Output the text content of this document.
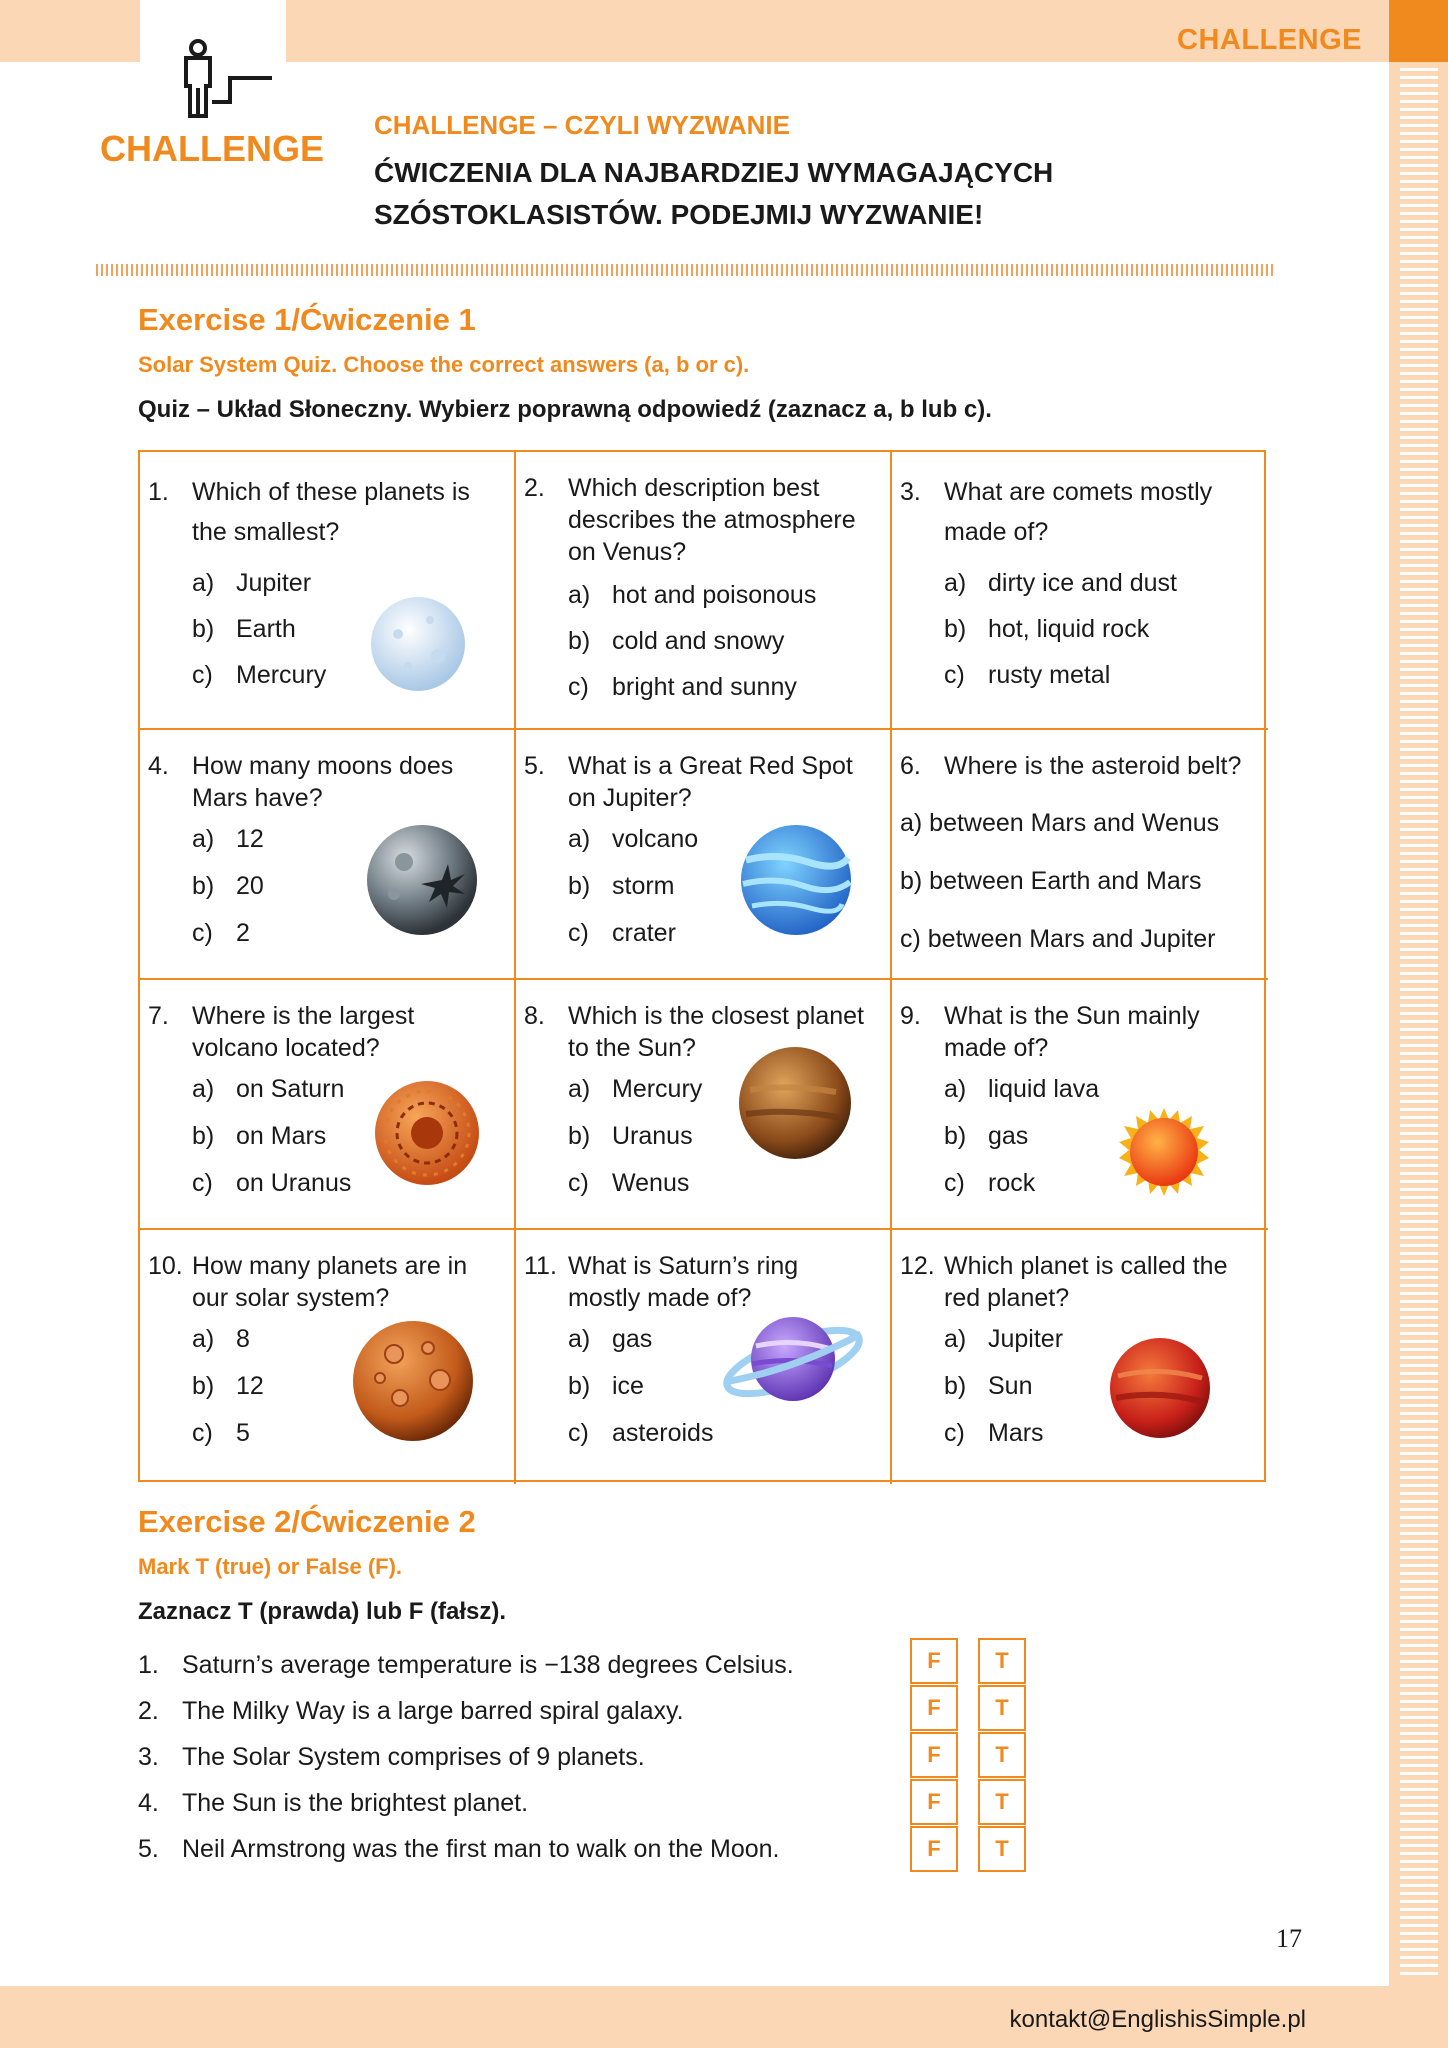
CHALLENGE
CHALLENGE
CHALLENGE – CZYLI WYZWANIE
ĆWICZENIA DLA NAJBARDZIEJ WYMAGAJĄCYCH
SZÓSTOKLASISTÓW. PODEJMIJ WYZWANIE!
Exercise 1/Ćwiczenie 1
Solar System Quiz. Choose the correct answers (a, b or c).
Quiz – Układ Słoneczny. Wybierz poprawną odpowiedź (zaznacz a, b lub c).
1. Which of these planets is the smallest?
a) Jupiter
b) Earth
c) Mercury
2. Which description best describes the atmosphere on Venus?
a) hot and poisonous
b) cold and snowy
c) bright and sunny
3. What are comets mostly made of?
a) dirty ice and dust
b) hot, liquid rock
c) rusty metal
4. How many moons does Mars have?
a) 12
b) 20
c) 2
5. What is a Great Red Spot on Jupiter?
a) volcano
b) storm
c) crater
6. Where is the asteroid belt?
a) between Mars and Wenus
b) between Earth and Mars
c) between Mars and Jupiter
7. Where is the largest volcano located?
a) on Saturn
b) on Mars
c) on Uranus
8. Which is the closest planet to the Sun?
a) Mercury
b) Uranus
c) Wenus
9. What is the Sun mainly made of?
a) liquid lava
b) gas
c) rock
10. How many planets are in our solar system?
a) 8
b) 12
c) 5
11. What is Saturn’s ring mostly made of?
a) gas
b) ice
c) asteroids
12. Which planet is called the red planet?
a) Jupiter
b) Sun
c) Mars
Exercise 2/Ćwiczenie 2
Mark T (true) or False (F).
Zaznacz T (prawda) lub F (fałsz).
1. Saturn’s average temperature is −138 degrees Celsius.
2. The Milky Way is a large barred spiral galaxy.
3. The Solar System comprises of 9 planets.
4. The Sun is the brightest planet.
5. Neil Armstrong was the first man to walk on the Moon.
F	T
F	T
F	T
F	T
F	T
17
kontakt@EnglishisSimple.pl
